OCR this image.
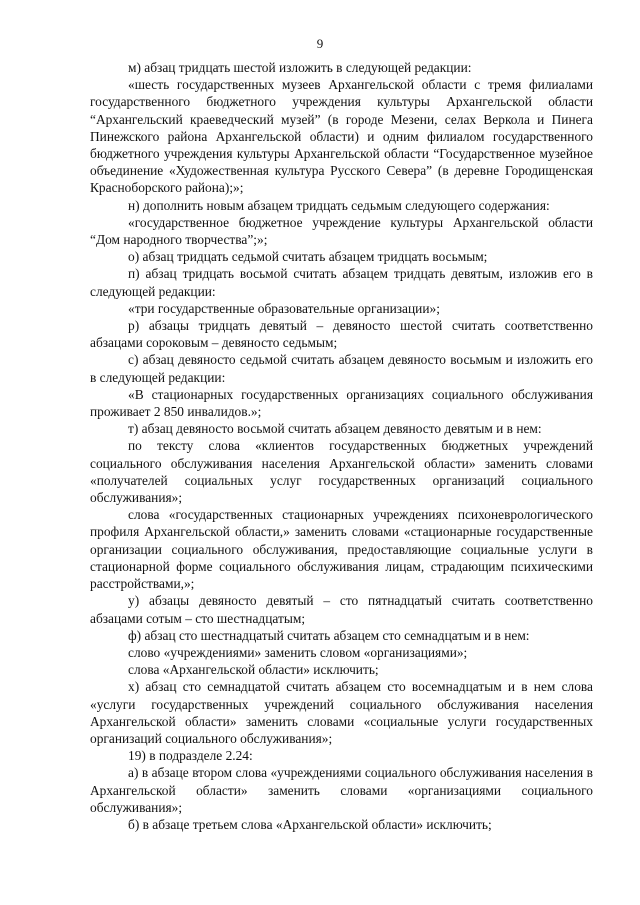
9

м) абзац тридцать шестой изложить в следующей редакции:

«шесть государственных музеев Архангельской области с тремя филиалами государственного бюджетного учреждения культуры Архангельской области “Архангельский краеведческий музей” (в городе Мезени, селах Веркола и Пинега Пинежского района Архангельской области) и одним филиалом государственного бюджетного учреждения культуры Архангельской области “Государственное музейное объединение «Художественная культура Русского Севера” (в деревне Городищенская Красноборского района);»;

н) дополнить новым абзацем тридцать седьмым следующего содержания:

«государственное бюджетное учреждение культуры Архангельской области “Дом народного творчества”;»;

о) абзац тридцать седьмой считать абзацем тридцать восьмым;

п) абзац тридцать восьмой считать абзацем тридцать девятым, изложив его в следующей редакции:

«три государственные образовательные организации»;

р) абзацы тридцать девятый – девяносто шестой считать соответственно абзацами сороковым – девяносто седьмым;

с) абзац девяносто седьмой считать абзацем девяносто восьмым и изложить его в следующей редакции:

«В стационарных государственных организациях социального обслуживания проживает 2 850 инвалидов.»;

т) абзац девяносто восьмой считать абзацем девяносто девятым и в нем:

по тексту слова «клиентов государственных бюджетных учреждений социального обслуживания населения Архангельской области» заменить словами «получателей социальных услуг государственных организаций социального обслуживания»;

слова «государственных стационарных учреждениях психоневрологического профиля Архангельской области,» заменить словами «стационарные государственные организации социального обслуживания, предоставляющие социальные услуги в стационарной форме социального обслуживания лицам, страдающим психическими расстройствами,»;

у) абзацы девяносто девятый – сто пятнадцатый считать соответственно абзацами сотым – сто шестнадцатым;

ф) абзац сто шестнадцатый считать абзацем сто семнадцатым и в нем:

слово «учреждениями» заменить словом «организациями»;

слова «Архангельской области» исключить;

х) абзац сто семнадцатой считать абзацем сто восемнадцатым и в нем слова «услуги государственных учреждений социального обслуживания населения Архангельской области» заменить словами «социальные услуги государственных организаций социального обслуживания»;

19) в подразделе 2.24:

а) в абзаце втором слова «учреждениями социального обслуживания населения в Архангельской области» заменить словами «организациями социального обслуживания»;

б) в абзаце третьем слова «Архангельской области» исключить;
